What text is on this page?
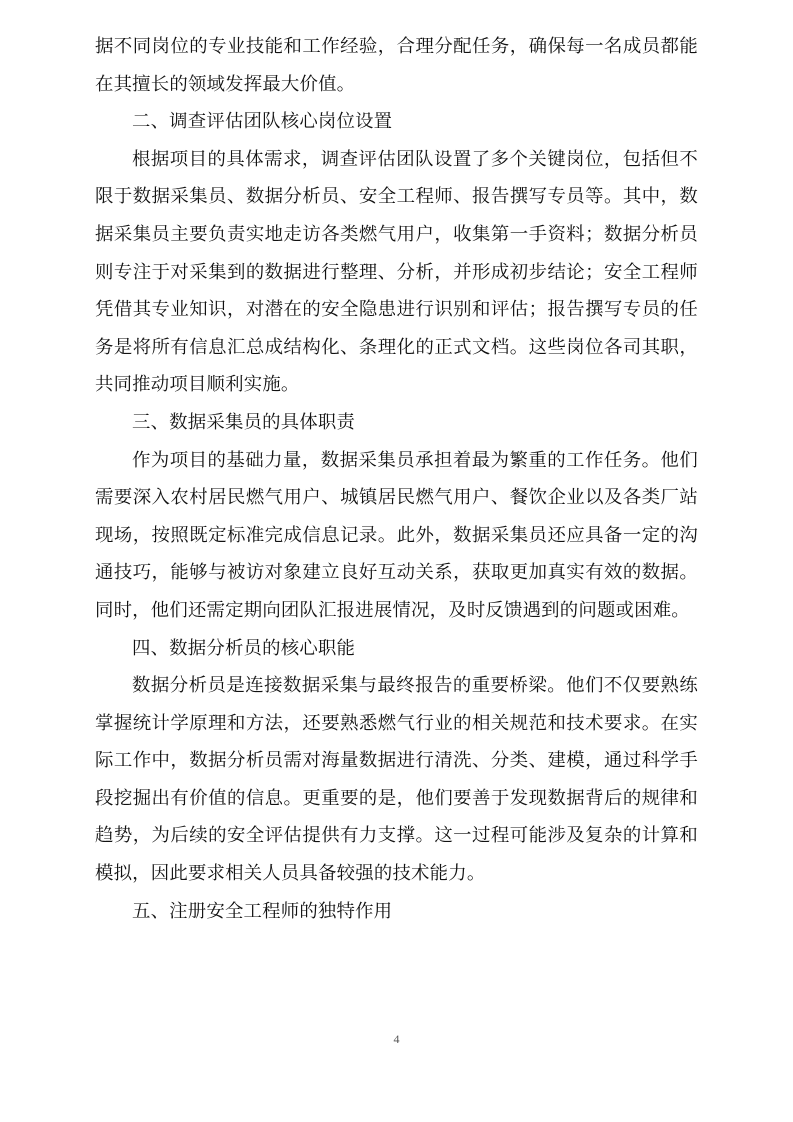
据不同岗位的专业技能和工作经验，合理分配任务，确保每一名成员都能在其擅长的领域发挥最大价值。

二、调查评估团队核心岗位设置

根据项目的具体需求，调查评估团队设置了多个关键岗位，包括但不限于数据采集员、数据分析员、安全工程师、报告撰写专员等。其中，数据采集员主要负责实地走访各类燃气用户，收集第一手资料；数据分析员则专注于对采集到的数据进行整理、分析，并形成初步结论；安全工程师凭借其专业知识，对潜在的安全隐患进行识别和评估；报告撰写专员的任务是将所有信息汇总成结构化、条理化的正式文档。这些岗位各司其职，共同推动项目顺利实施。

三、数据采集员的具体职责

作为项目的基础力量，数据采集员承担着最为繁重的工作任务。他们需要深入农村居民燃气用户、城镇居民燃气用户、餐饮企业以及各类厂站现场，按照既定标准完成信息记录。此外，数据采集员还应具备一定的沟通技巧，能够与被访对象建立良好互动关系，获取更加真实有效的数据。同时，他们还需定期向团队汇报进展情况，及时反馈遇到的问题或困难。

四、数据分析员的核心职能

数据分析员是连接数据采集与最终报告的重要桥梁。他们不仅要熟练掌握统计学原理和方法，还要熟悉燃气行业的相关规范和技术要求。在实际工作中，数据分析员需对海量数据进行清洗、分类、建模，通过科学手段挖掘出有价值的信息。更重要的是，他们要善于发现数据背后的规律和趋势，为后续的安全评估提供有力支撑。这一过程可能涉及复杂的计算和模拟，因此要求相关人员具备较强的技术能力。

五、注册安全工程师的独特作用

4
